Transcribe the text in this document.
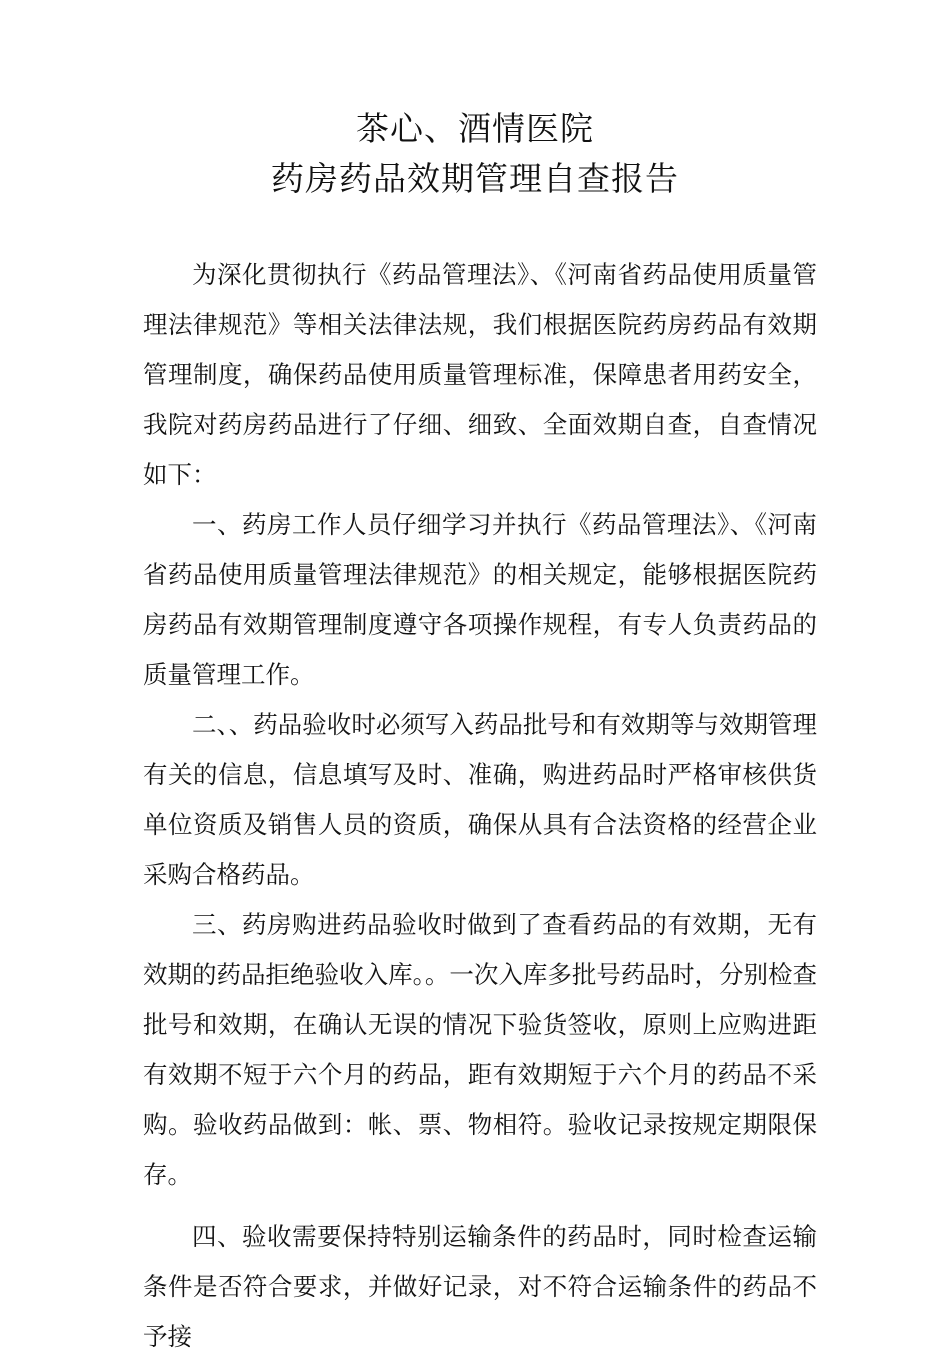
茶心、酒情医院
药房药品效期管理自查报告

为深化贯彻执行《药品管理法》、《河南省药品使用质量管理法律规范》等相关法律法规，我们根据医院药房药品有效期管理制度，确保药品使用质量管理标准，保障患者用药安全，我院对药房药品进行了仔细、细致、全面效期自查，自查情况如下：

一、药房工作人员仔细学习并执行《药品管理法》、《河南省药品使用质量管理法律规范》的相关规定，能够根据医院药房药品有效期管理制度遵守各项操作规程，有专人负责药品的质量管理工作。

二、、药品验收时必须写入药品批号和有效期等与效期管理有关的信息，信息填写及时、准确，购进药品时严格审核供货单位资质及销售人员的资质，确保从具有合法资格的经营企业采购合格药品。

三、药房购进药品验收时做到了查看药品的有效期，无有效期的药品拒绝验收入库。。一次入库多批号药品时，分别检查批号和效期，在确认无误的情况下验货签收，原则上应购进距有效期不短于六个月的药品，距有效期短于六个月的药品不采购。验收药品做到：帐、票、物相符。验收记录按规定期限保存。

四、验收需要保持特别运输条件的药品时，同时检查运输条件是否符合要求，并做好记录，对不符合运输条件的药品不予接
